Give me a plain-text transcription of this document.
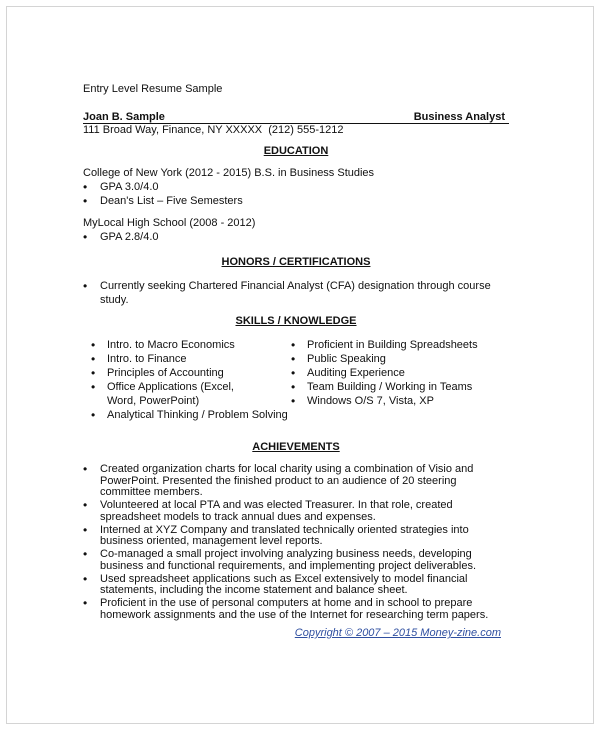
Entry Level Resume Sample
Joan B. Sample	Business Analyst
111 Broad Way, Finance, NY XXXXX  (212) 555-1212
EDUCATION
College of New York (2012 - 2015) B.S. in Business Studies
• GPA 3.0/4.0
• Dean's List – Five Semesters
MyLocal High School (2008 - 2012)
• GPA 2.8/4.0
HONORS / CERTIFICATIONS
• Currently seeking Chartered Financial Analyst (CFA) designation through course study.
SKILLS / KNOWLEDGE
• Intro. to Macro Economics
• Intro. to Finance
• Principles of Accounting
• Office Applications (Excel, Word, PowerPoint)
• Analytical Thinking / Problem Solving
• Proficient in Building Spreadsheets
• Public Speaking
• Auditing Experience
• Team Building / Working in Teams
• Windows O/S 7, Vista, XP
ACHIEVEMENTS
• Created organization charts for local charity using a combination of Visio and PowerPoint. Presented the finished product to an audience of 20 steering committee members.
• Volunteered at local PTA and was elected Treasurer. In that role, created spreadsheet models to track annual dues and expenses.
• Interned at XYZ Company and translated technically oriented strategies into business oriented, management level reports.
• Co-managed a small project involving analyzing business needs, developing business and functional requirements, and implementing project deliverables.
• Used spreadsheet applications such as Excel extensively to model financial statements, including the income statement and balance sheet.
• Proficient in the use of personal computers at home and in school to prepare homework assignments and the use of the Internet for researching term papers.
Copyright © 2007 – 2015 Money-zine.com
